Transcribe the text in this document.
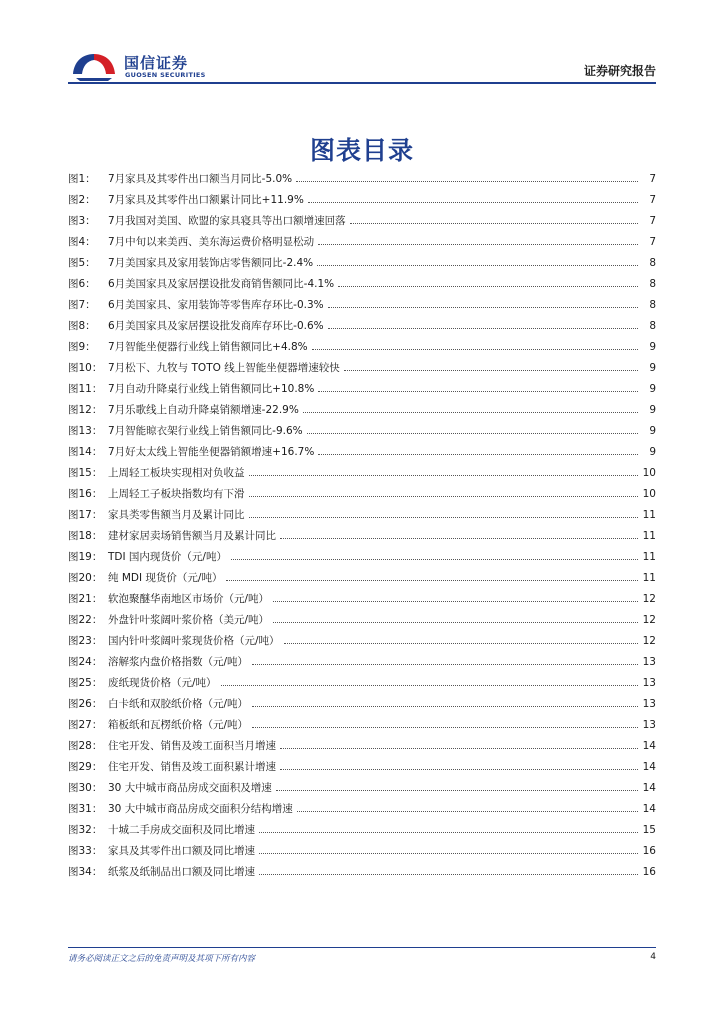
国信证券
GUOSEN SECURITIES	证券研究报告
图表目录
图1：	7月家具及其零件出口额当月同比-5.0%	7
图2：	7月家具及其零件出口额累计同比+11.9%	7
图3：	7月我国对美国、欧盟的家具寝具等出口额增速回落	7
图4：	7月中旬以来美西、美东海运费价格明显松动	7
图5：	7月美国家具及家用装饰店零售额同比-2.4%	8
图6：	6月美国家具及家居摆设批发商销售额同比-4.1%	8
图7：	6月美国家具、家用装饰等零售库存环比-0.3%	8
图8：	6月美国家具及家居摆设批发商库存环比-0.6%	8
图9：	7月智能坐便器行业线上销售额同比+4.8%	9
图10： 7月松下、九牧与 TOTO 线上智能坐便器增速较快	9
图11： 7月自动升降桌行业线上销售额同比+10.8%	9
图12： 7月乐歌线上自动升降桌销额增速-22.9%	9
图13： 7月智能晾衣架行业线上销售额同比-9.6%	9
图14： 7月好太太线上智能坐便器销额增速+16.7%	9
图15： 上周轻工板块实现相对负收益	10
图16： 上周轻工子板块指数均有下滑	10
图17： 家具类零售额当月及累计同比	11
图18： 建材家居卖场销售额当月及累计同比	11
图19： TDI 国内现货价（元/吨）	11
图20： 纯 MDI 现货价（元/吨）	11
图21： 软泡聚醚华南地区市场价（元/吨）	12
图22： 外盘针叶浆阔叶浆价格（美元/吨）	12
图23： 国内针叶浆阔叶浆现货价格（元/吨）	12
图24： 溶解浆内盘价格指数（元/吨）	13
图25： 废纸现货价格（元/吨）	13
图26： 白卡纸和双胶纸价格（元/吨）	13
图27： 箱板纸和瓦楞纸价格（元/吨）	13
图28： 住宅开发、销售及竣工面积当月增速	14
图29： 住宅开发、销售及竣工面积累计增速	14
图30： 30 大中城市商品房成交面积及增速	14
图31： 30 大中城市商品房成交面积分结构增速	14
图32： 十城二手房成交面积及同比增速	15
图33： 家具及其零件出口额及同比增速	16
图34： 纸浆及纸制品出口额及同比增速	16
请务必阅读正文之后的免责声明及其项下所有内容	4
